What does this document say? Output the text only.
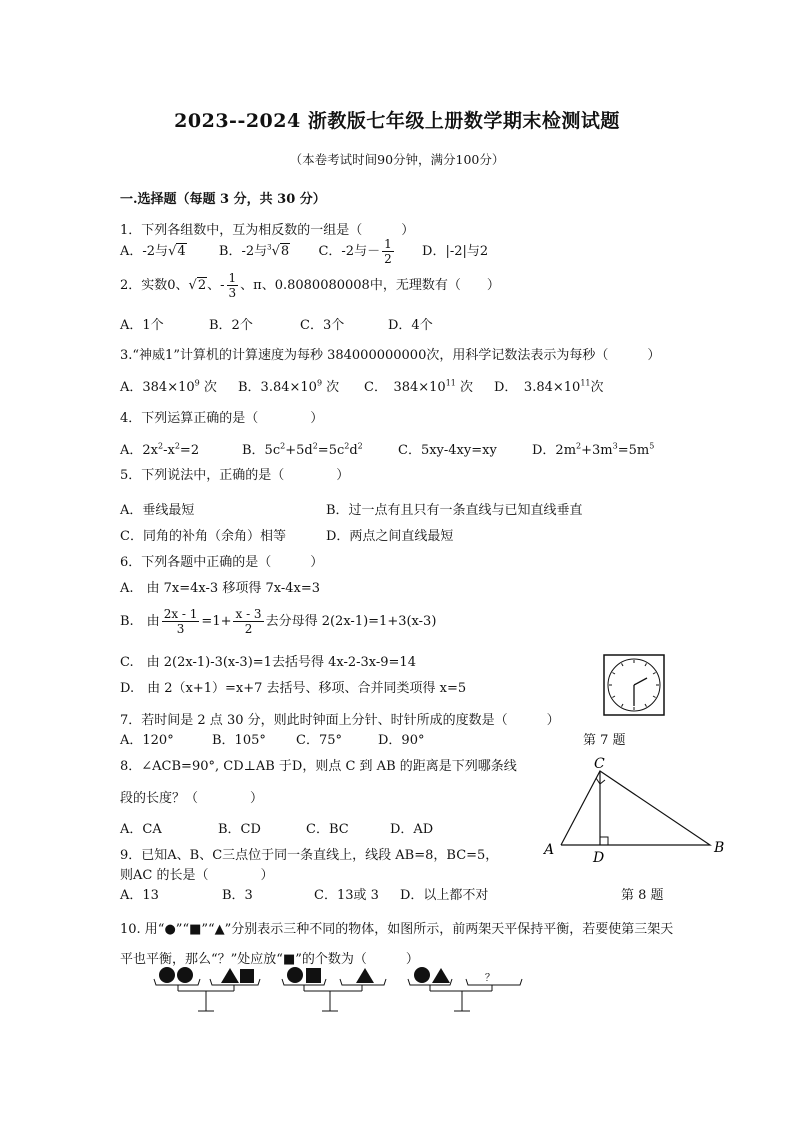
2023--2024 浙教版七年级上册数学期末检测试题
（本卷考试时间90分钟，满分100分）
一.选择题（每题 3 分，共 30 分）
1．下列各组数中，互为相反数的一组是（　　　）
A．-2与√4	B．-2与$^3$√8 C．-2与－ $\frac{1}{2}$ D．|-2|与2
2．实数0、√2、- $\frac{1}{3}$ 、π、0.8080080008中，无理数有（　　）
A．1个	B．2个	C．3个	D．4个
3.“神威1”计算机的计算速度为每秒 384000000000次，用科学记数法表示为每秒（　　　）
A．$384\times 10^9$ 次 B．$3.84\times 10^9$ 次 C．　$384\times 10^{11}$ 次 D．　$3.84\times 10^{11}$次
4．下列运算正确的是（　　　　）
A．$2x^2-x^2=2$	B．$5c^2+5d^2=5c^2d^2$	C．5xy-4xy=xy	D．$2m^2+3m^3=5m^5$
5．下列说法中，正确的是（　　　　）
A．垂线最短	B．过一点有且只有一条直线与已知直线垂直
C．同角的补角（余角）相等	D．两点之间直线最短
6．下列各题中正确的是（　　　）
A.　由 7x=4x-3 移项得 7x-4x=3
B.　由 $\frac{2x - 1}{3} =1+ \frac{x - 3}{2}$ 去分母得 2(2x-1)=1+3(x-3)
C.　由 2(2x-1)-3(x-3)=1去括号得 4x-2-3x-9=14
D.　由 2（x+1）=x+7 去括号、移项、合并同类项得 x=5
7．若时间是 2 点 30 分，则此时钟面上分针、时针所成的度数是（　　　）
A．120°	B．105° C．75°	D．90°	第 7 题
8．∠ACB=90°, CD⊥AB 于D，则点 C 到 AB 的距离是下列哪条线
段的长度？（　　　　）
A．CA	B．CD	C．BC	D．AD
A	B
C
D
9．已知A、B、C三点位于同一条直线上，线段 AB=8，BC=5，
则AC 的长是（　　　　）
A．13	B．3	C．13或 3 D．以上都不对	第 8 题
10. 用“●”“■”“▲”分别表示三种不同的物体，如图所示，前两架天平保持平衡，若要使第三架天
平也平衡，那么“？”处应放“■”的个数为（　　　）
？
